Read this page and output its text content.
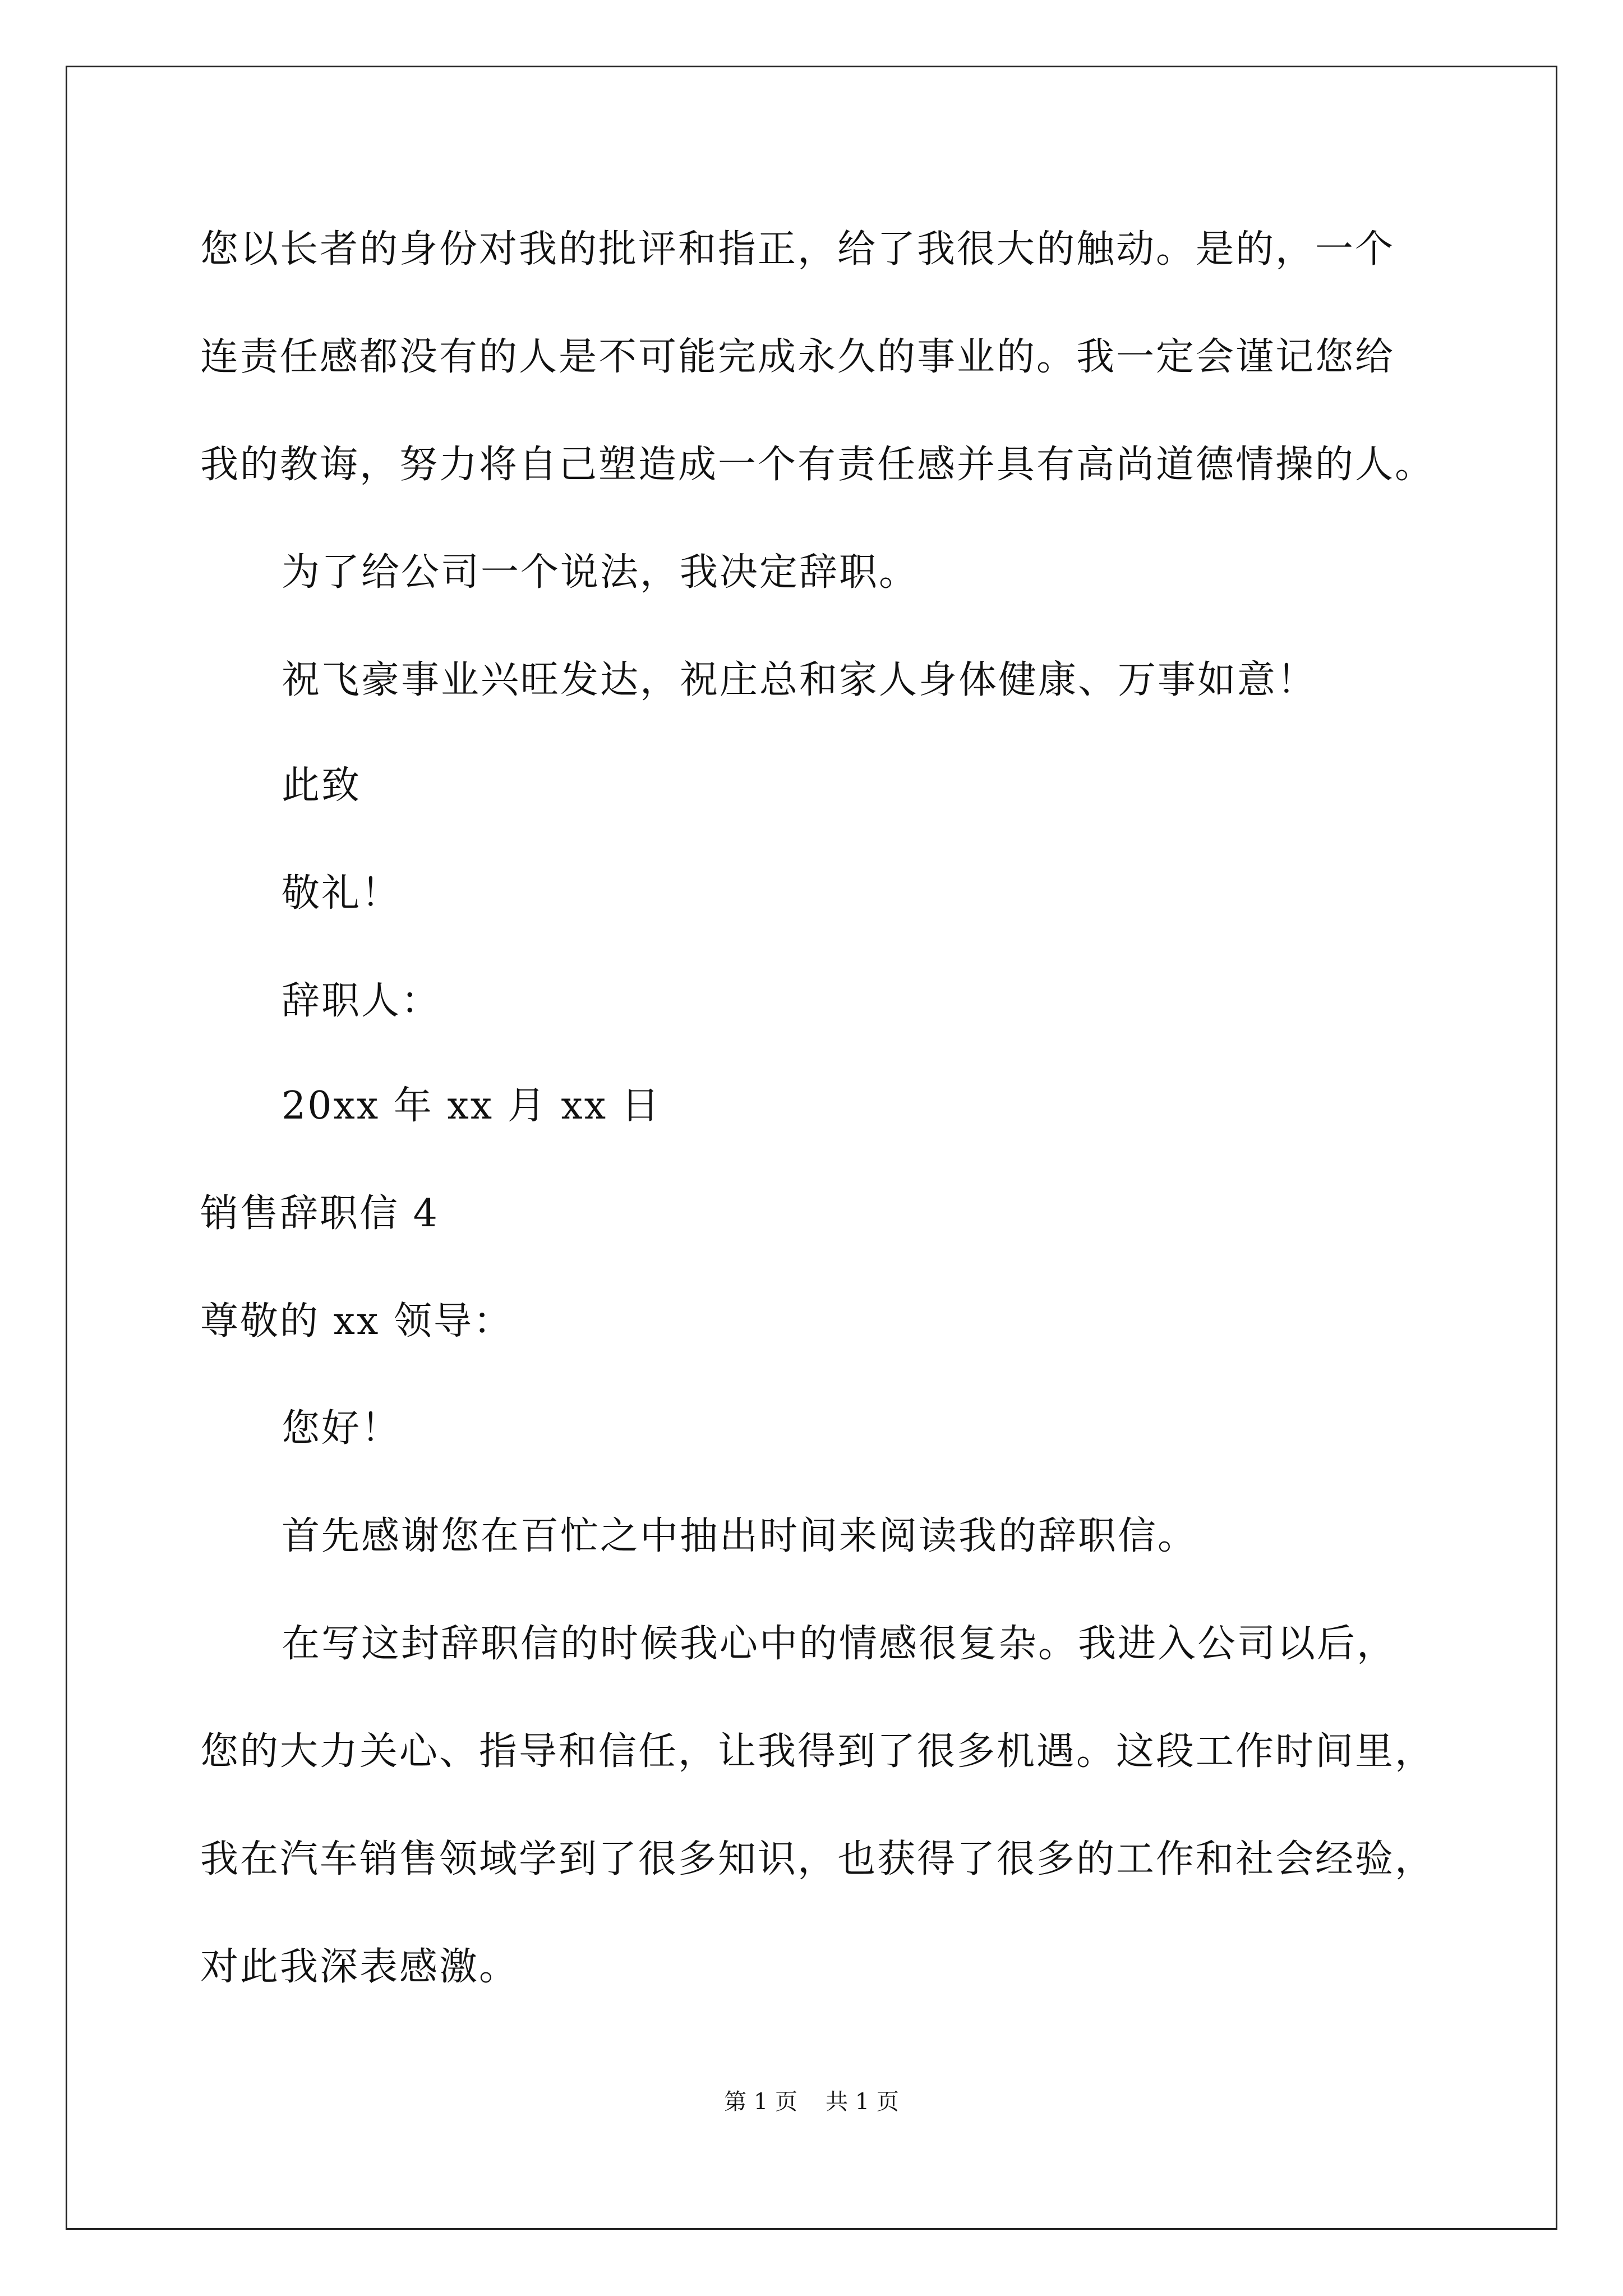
您以长者的身份对我的批评和指正，给了我很大的触动。是的，一个
连责任感都没有的人是不可能完成永久的事业的。我一定会谨记您给
我的教诲，努力将自己塑造成一个有责任感并具有高尚道德情操的人。
为了给公司一个说法，我决定辞职。
祝飞豪事业兴旺发达，祝庄总和家人身体健康、万事如意！
此致
敬礼！
辞职人：
20xx 年 xx 月 xx 日
销售辞职信 4
尊敬的 xx 领导：
您好！
首先感谢您在百忙之中抽出时间来阅读我的辞职信。
在写这封辞职信的时候我心中的情感很复杂。我进入公司以后，
您的大力关心、指导和信任，让我得到了很多机遇。这段工作时间里，
我在汽车销售领域学到了很多知识，也获得了很多的工作和社会经验，
对此我深表感激。
第 1 页 共 1 页
